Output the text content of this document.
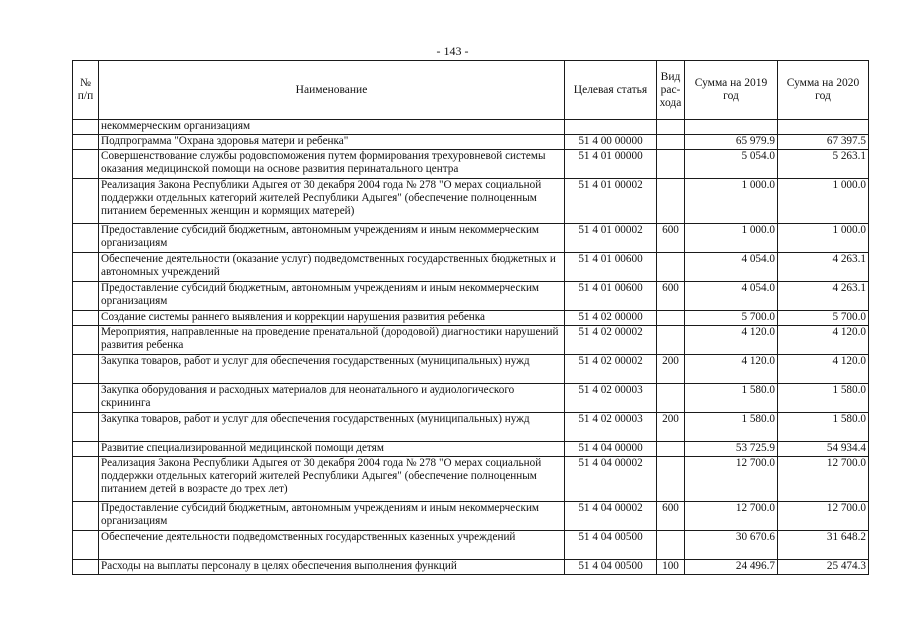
- 143 -
№ п/п	Наименование	Целевая статья	Вид рас-хода	Сумма на 2019 год	Сумма на 2020 год
	некоммерческим организациям				
	Подпрограмма "Охрана здоровья матери и ребенка"	51 4 00 00000		65 979.9	67 397.5
	Совершенствование службы родовспоможения путем формирования трехуровневой системы оказания медицинской помощи на основе развития перинатального центра	51 4 01 00000		5 054.0	5 263.1
	Реализация Закона Республики Адыгея от 30 декабря 2004 года № 278 "О мерах социальной поддержки отдельных категорий жителей Республики Адыгея" (обеспечение полноценным питанием беременных женщин и кормящих матерей)	51 4 01 00002		1 000.0	1 000.0
	Предоставление субсидий бюджетным, автономным учреждениям и иным некоммерческим организациям	51 4 01 00002	600	1 000.0	1 000.0
	Обеспечение деятельности (оказание услуг) подведомственных государственных бюджетных и автономных учреждений	51 4 01 00600		4 054.0	4 263.1
	Предоставление субсидий бюджетным, автономным учреждениям и иным некоммерческим организациям	51 4 01 00600	600	4 054.0	4 263.1
	Создание системы раннего выявления и коррекции нарушения развития ребенка	51 4 02 00000		5 700.0	5 700.0
	Мероприятия, направленные на проведение пренатальной (дородовой) диагностики нарушений развития ребенка	51 4 02 00002		4 120.0	4 120.0
	Закупка товаров, работ и услуг для обеспечения государственных (муниципальных) нужд	51 4 02 00002	200	4 120.0	4 120.0
	Закупка оборудования и расходных материалов для неонатального и аудиологического скрининга	51 4 02 00003		1 580.0	1 580.0
	Закупка товаров, работ и услуг для обеспечения государственных (муниципальных) нужд	51 4 02 00003	200	1 580.0	1 580.0
	Развитие специализированной медицинской помощи детям	51 4 04 00000		53 725.9	54 934.4
	Реализация Закона Республики Адыгея от 30 декабря 2004 года № 278 "О мерах социальной поддержки отдельных категорий жителей Республики Адыгея" (обеспечение полноценным питанием детей в возрасте до трех лет)	51 4 04 00002		12 700.0	12 700.0
	Предоставление субсидий бюджетным, автономным учреждениям и иным некоммерческим организациям	51 4 04 00002	600	12 700.0	12 700.0
	Обеспечение деятельности подведомственных государственных казенных учреждений	51 4 04 00500		30 670.6	31 648.2
	Расходы на выплаты персоналу в целях обеспечения выполнения функций	51 4 04 00500	100	24 496.7	25 474.3
